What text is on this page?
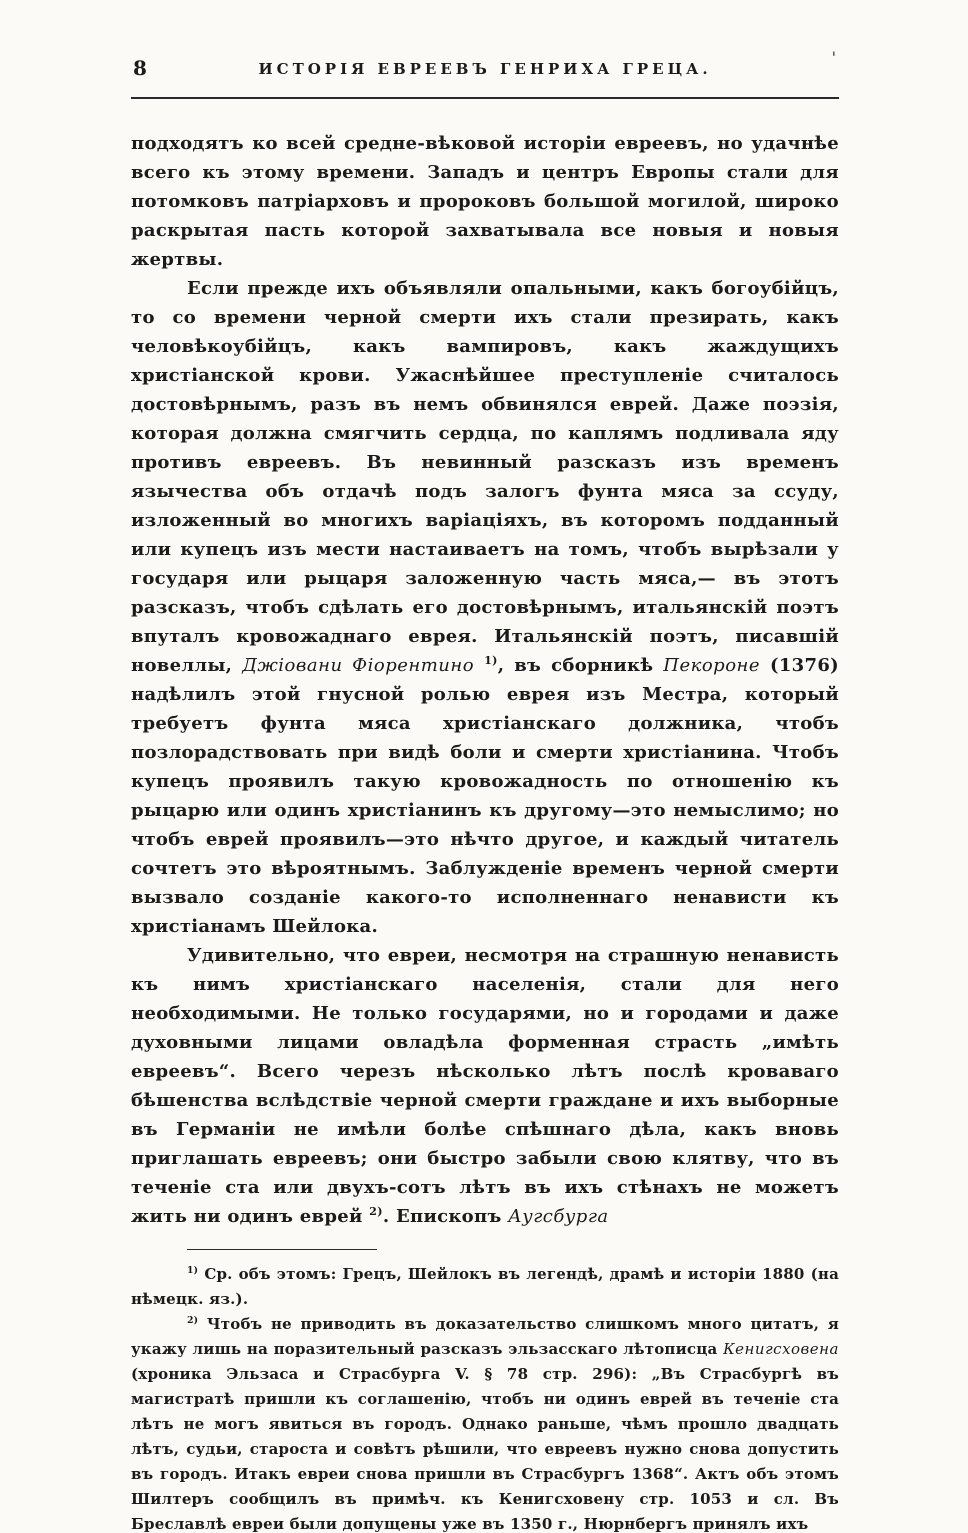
'
8	ИСТОРІЯ ЕВРЕЕВЪ ГЕНРИХА ГРЕЦА.

подходятъ ко всей средне-вѣковой исторіи евреевъ, но удачнѣе всего къ этому времени. Западъ и центръ Европы стали для потомковъ патріарховъ и пророковъ большой могилой, широко раскрытая пасть которой захватывала все новыя и новыя жертвы.

Если прежде ихъ объявляли опальными, какъ богоубійцъ, то со времени черной смерти ихъ стали презирать, какъ человѣкоубійцъ, какъ вампировъ, какъ жаждущихъ христіанской крови. Ужаснѣйшее преступленіе считалось достовѣрнымъ, разъ въ немъ обвинялся еврей. Даже поэзія, которая должна смягчить сердца, по каплямъ подливала яду противъ евреевъ. Въ невинный разсказъ изъ временъ язычества объ отдачѣ подъ залогъ фунта мяса за ссуду, изложенный во многихъ варіаціяхъ, въ которомъ подданный или купецъ изъ мести настаиваетъ на томъ, чтобъ вырѣзали у государя или рыцаря заложенную часть мяса,— въ этотъ разсказъ, чтобъ сдѣлать его достовѣрнымъ, итальянскій поэтъ впуталъ кровожаднаго еврея. Итальянскій поэтъ, писавшій новеллы, Джіовани Фіорентино $^{1)}$, въ сборникѣ Пекороне (1376) надѣлилъ этой гнусной ролью еврея изъ Местра, который требуетъ фунта мяса христіанскаго должника, чтобъ позлорадствовать при видѣ боли и смерти христіанина. Чтобъ купецъ проявилъ такую кровожадность по отношенію къ рыцарю или одинъ христіанинъ къ другому—это немыслимо; но чтобъ еврей проявилъ—это нѣчто другое, и каждый читатель сочтетъ это вѣроятнымъ. Заблужденіе временъ черной смерти вызвало созданіе какого-то исполненнаго ненависти къ христіанамъ Шейлока.

Удивительно, что евреи, несмотря на страшную ненависть къ нимъ христіанскаго населенія, стали для него необходимыми. Не только государями, но и городами и даже духовными лицами овладѣла форменная страсть „имѣть евреевъ“. Всего черезъ нѣсколько лѣтъ послѣ кроваваго бѣшенства вслѣдствіе черной смерти граждане и ихъ выборные въ Германіи не имѣли болѣе спѣшнаго дѣла, какъ вновь приглашать евреевъ; они быстро забыли свою клятву, что въ теченіе ста или двухъ-сотъ лѣтъ въ ихъ стѣнахъ не можетъ жить ни одинъ еврей $^{2)}$. Епископъ Аугсбурга

$^{1)}$ Ср. объ этомъ: Грецъ, Шейлокъ въ легендѣ, драмѣ и исторіи 1880 (на нѣмецк. яз.).

$^{2)}$ Чтобъ не приводить въ доказательство слишкомъ много цитатъ, я укажу лишь на поразительный разсказъ эльзасскаго лѣтописца Кенигсховена (хроника Эльзаса и Страсбурга V. § 78 стр. 296): „Въ Страсбургѣ въ магистратѣ пришли къ соглашенію, чтобъ ни одинъ еврей въ теченіе ста лѣтъ не могъ явиться въ городъ. Однако раньше, чѣмъ прошло двадцать лѣтъ, судьи, староста и совѣтъ рѣшили, что евреевъ нужно снова допустить въ городъ. Итакъ евреи снова пришли въ Страсбургъ 1368“. Актъ объ этомъ Шилтеръ сообщилъ въ примѣч. къ Кенигсховену стр. 1053 и сл. Въ Бреславлѣ евреи были допущены уже въ 1350 г., Нюрнбергъ принялъ ихъ
